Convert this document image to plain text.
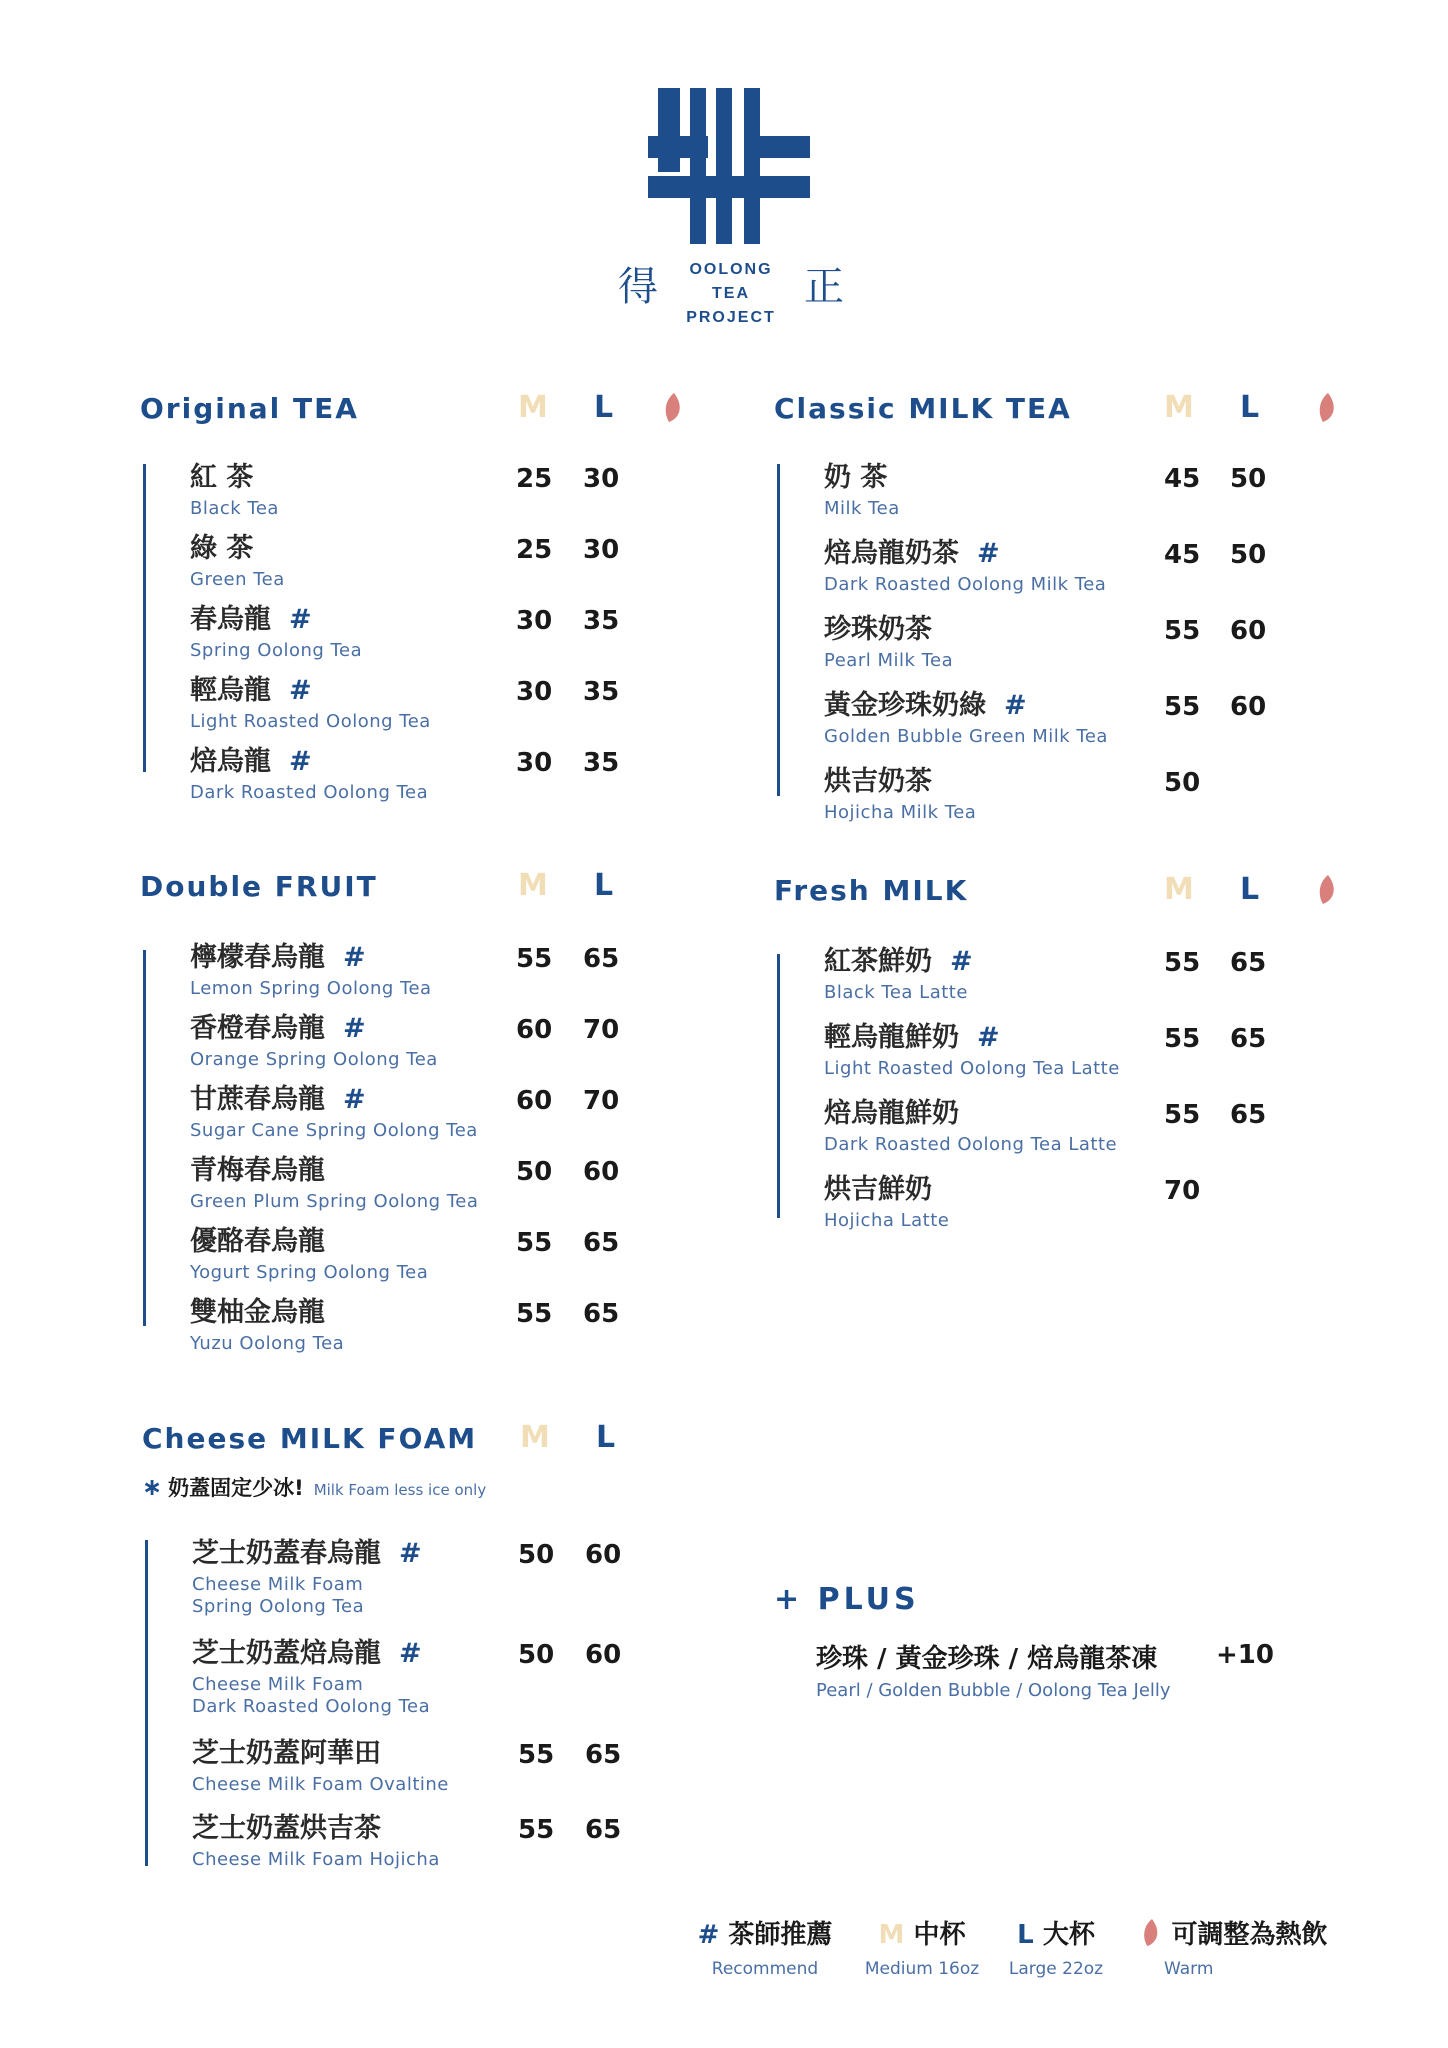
得	OOLONG TEA
PROJECT
正
Original TEA	M L
紅 茶
Black Tea
25 30
綠 茶
Green Tea
25 30
春烏龍 #
Spring Oolong Tea
30 35
輕烏龍 #
Light Roasted Oolong Tea
30 35
焙烏龍 #
Dark Roasted Oolong Tea
30 35
Classic MILK TEA	M L
奶 茶
Milk Tea
45 50
焙烏龍奶茶 #
Dark Roasted Oolong Milk Tea
45 50
珍珠奶茶
Pearl Milk Tea
55 60
黃金珍珠奶綠 #
Golden Bubble Green Milk Tea
55 60
烘吉奶茶
Hojicha Milk Tea
50
Double FRUIT	M L
檸檬春烏龍 #
Lemon Spring Oolong Tea
55 65
香橙春烏龍 #
Orange Spring Oolong Tea
60 70
甘蔗春烏龍 #
Sugar Cane Spring Oolong Tea
60 70
青梅春烏龍
Green Plum Spring Oolong Tea
50 60
優酪春烏龍
Yogurt Spring Oolong Tea
55 65
雙柚金烏龍
Yuzu Oolong Tea
55 65
Fresh MILK	M L
紅茶鮮奶 #
Black Tea Latte
55 65
輕烏龍鮮奶 #
Light Roasted Oolong Tea Latte
55 65
焙烏龍鮮奶
Dark Roasted Oolong Tea Latte
55 65
烘吉鮮奶
Hojicha Latte
70
Cheese MILK FOAM M L
∗ 奶蓋固定少冰! Milk Foam less ice only
芝士奶蓋春烏龍 #
Cheese Milk Foam
Spring Oolong Tea
50 60
芝士奶蓋焙烏龍 #
Cheese Milk Foam
Dark Roasted Oolong Tea
50 60
芝士奶蓋阿華田
Cheese Milk Foam Ovaltine
55 65
芝士奶蓋烘吉茶
Cheese Milk Foam Hojicha
55 65
+ PLUS
珍珠 / 黃金珍珠 / 焙烏龍茶凍
Pearl / Golden Bubble / Oolong Tea Jelly
+10
# 茶師推薦
Recommend
M 中杯
Medium 16oz
L 大杯
Large 22oz
可調整為熱飲
Warm
